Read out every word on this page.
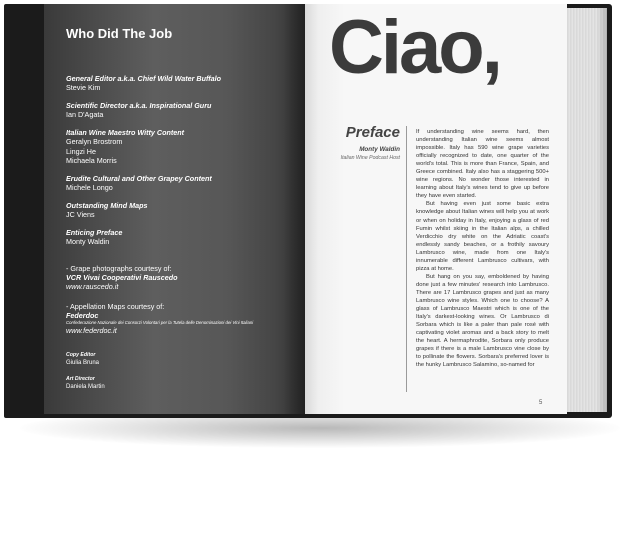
Who Did The Job

General Editor a.k.a. Chief Wild Water Buffalo

Stevie Kim

Scientific Director a.k.a. Inspirational Guru

Ian D'Agata

Italian Wine Maestro Witty Content

Geralyn Brostrom

Lingzi He

Michaela Morris

Erudite Cultural and Other Grapey Content

Michele Longo

Outstanding Mind Maps

JC Viens

Enticing Preface

Monty Waldin

- Grape photographs courtesy of:

VCR Vivai Cooperativi Rauscedo

www.rauscedo.it

- Appellation Maps courtesy of:

Federdoc

Confederazione Nazionale dei Consorzi Volontari per la Tutela delle Denominazioni dei Vini Italiani

www.federdoc.it

Copy Editor

Giulia Bruna

Art Director

Daniela Martin

Ciao,
Preface
Monty Waldin
Italian Wine Podcast Host

If understanding wine seems hard, then understanding Italian wine seems almost impossible. Italy has 590 wine grape varieties officially recognized to date, one quarter of the world's total. This is more than France, Spain, and Greece combined. Italy also has a staggering 500+ wine regions. No wonder those interested in learning about Italy's wines tend to give up before they have even started.

But having even just some basic extra knowledge about Italian wines will help you at work or when on holiday in Italy, enjoying a glass of red Fumin whilst skiing in the Italian alps, a chilled Verdicchio dry white on the Adriatic coast's endlessly sandy beaches, or a frothily savoury Lambrusco wine, made from one Italy's innumerable different Lambrusco cultivars, with pizza at home.

But hang on you say, emboldened by having done just a few minutes' research into Lambrusco. There are 17 Lambrusco grapes and just as many Lambrusco wine styles. Which one to choose? A glass of Lambrusco Maestri which is one of the Italy's darkest-looking wines. Or Lambrusco di Sorbara which is like a paler than pale rosé with captivating violet aromas and a back story to melt the heart. A hermaphrodite, Sorbara only produce grapes if there is a male Lambrusco vine close by to pollinate the flowers. Sorbara's preferred lover is the hunky Lambrusco Salamino, so-named for

5
